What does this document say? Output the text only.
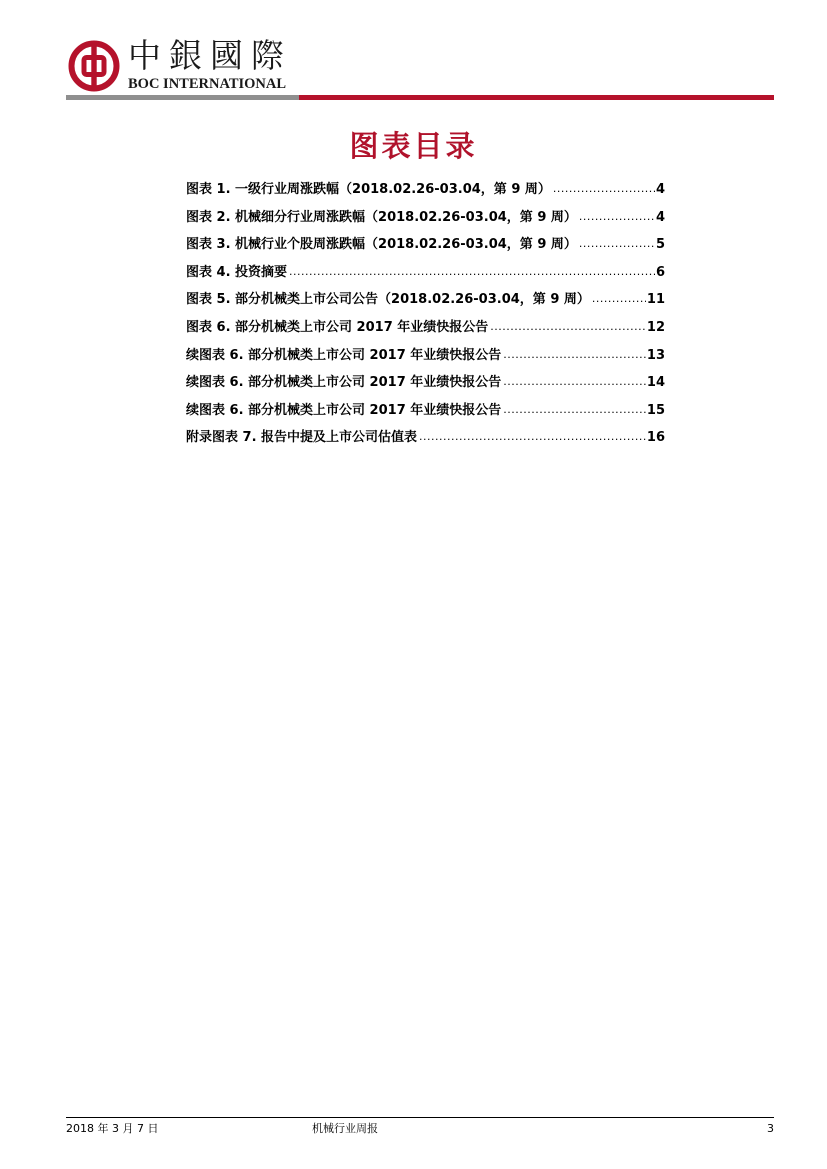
中銀國際
BOC INTERNATIONAL
图表目录
图表 1. 一级行业周涨跌幅（2018.02.26-03.04，第 9 周） .....	4
图表 2. 机械细分行业周涨跌幅（2018.02.26-03.04，第 9 周） .....	4
图表 3. 机械行业个股周涨跌幅（2018.02.26-03.04，第 9 周） .....	5
图表 4. 投资摘要 .....	6
图表 5. 部分机械类上市公司公告（2018.02.26-03.04，第 9 周） .....	11
图表 6. 部分机械类上市公司 2017 年业绩快报公告 .....	12
续图表 6. 部分机械类上市公司 2017 年业绩快报公告 .....	13
续图表 6. 部分机械类上市公司 2017 年业绩快报公告 .....	14
续图表 6. 部分机械类上市公司 2017 年业绩快报公告 .....	15
附录图表 7. 报告中提及上市公司估值表 .....	16
2018 年 3 月 7 日	机械行业周报	3
